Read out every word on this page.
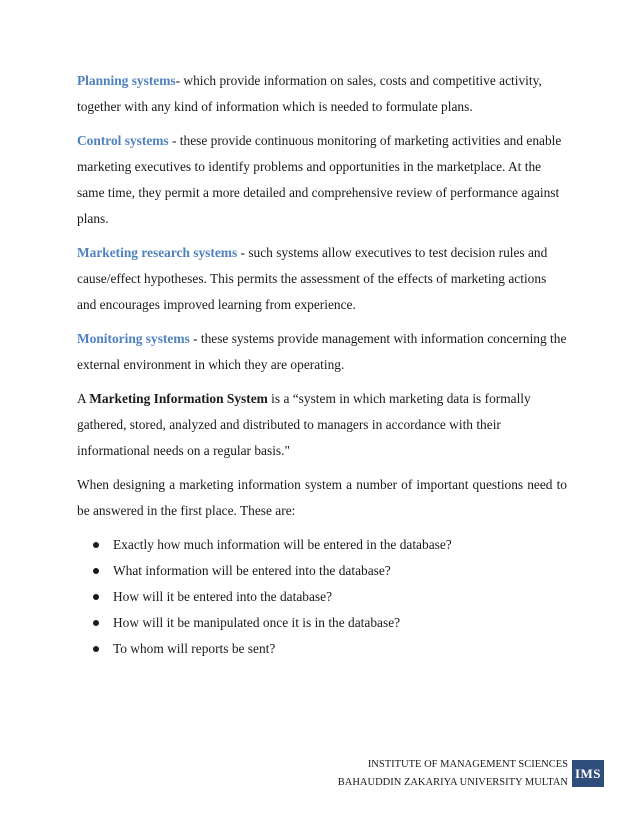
Planning systems- which provide information on sales, costs and competitive activity, together with any kind of information which is needed to formulate plans.

Control systems - these provide continuous monitoring of marketing activities and enable marketing executives to identify problems and opportunities in the marketplace. At the same time, they permit a more detailed and comprehensive review of performance against plans.

Marketing research systems - such systems allow executives to test decision rules and cause/effect hypotheses. This permits the assessment of the effects of marketing actions and encourages improved learning from experience.

Monitoring systems - these systems provide management with information concerning the external environment in which they are operating.

A Marketing Information System is a “system in which marketing data is formally gathered, stored, analyzed and distributed to managers in accordance with their informational needs on a regular basis."

When designing a marketing information system a number of important questions need to be answered in the first place. These are:

Exactly how much information will be entered in the database?
What information will be entered into the database?
How will it be entered into the database?
How will it be manipulated once it is in the database?
To whom will reports be sent?
INSTITUTE OF MANAGEMENT SCIENCES
BAHAUDDIN ZAKARIYA UNIVERSITY MULTAN
IMS
